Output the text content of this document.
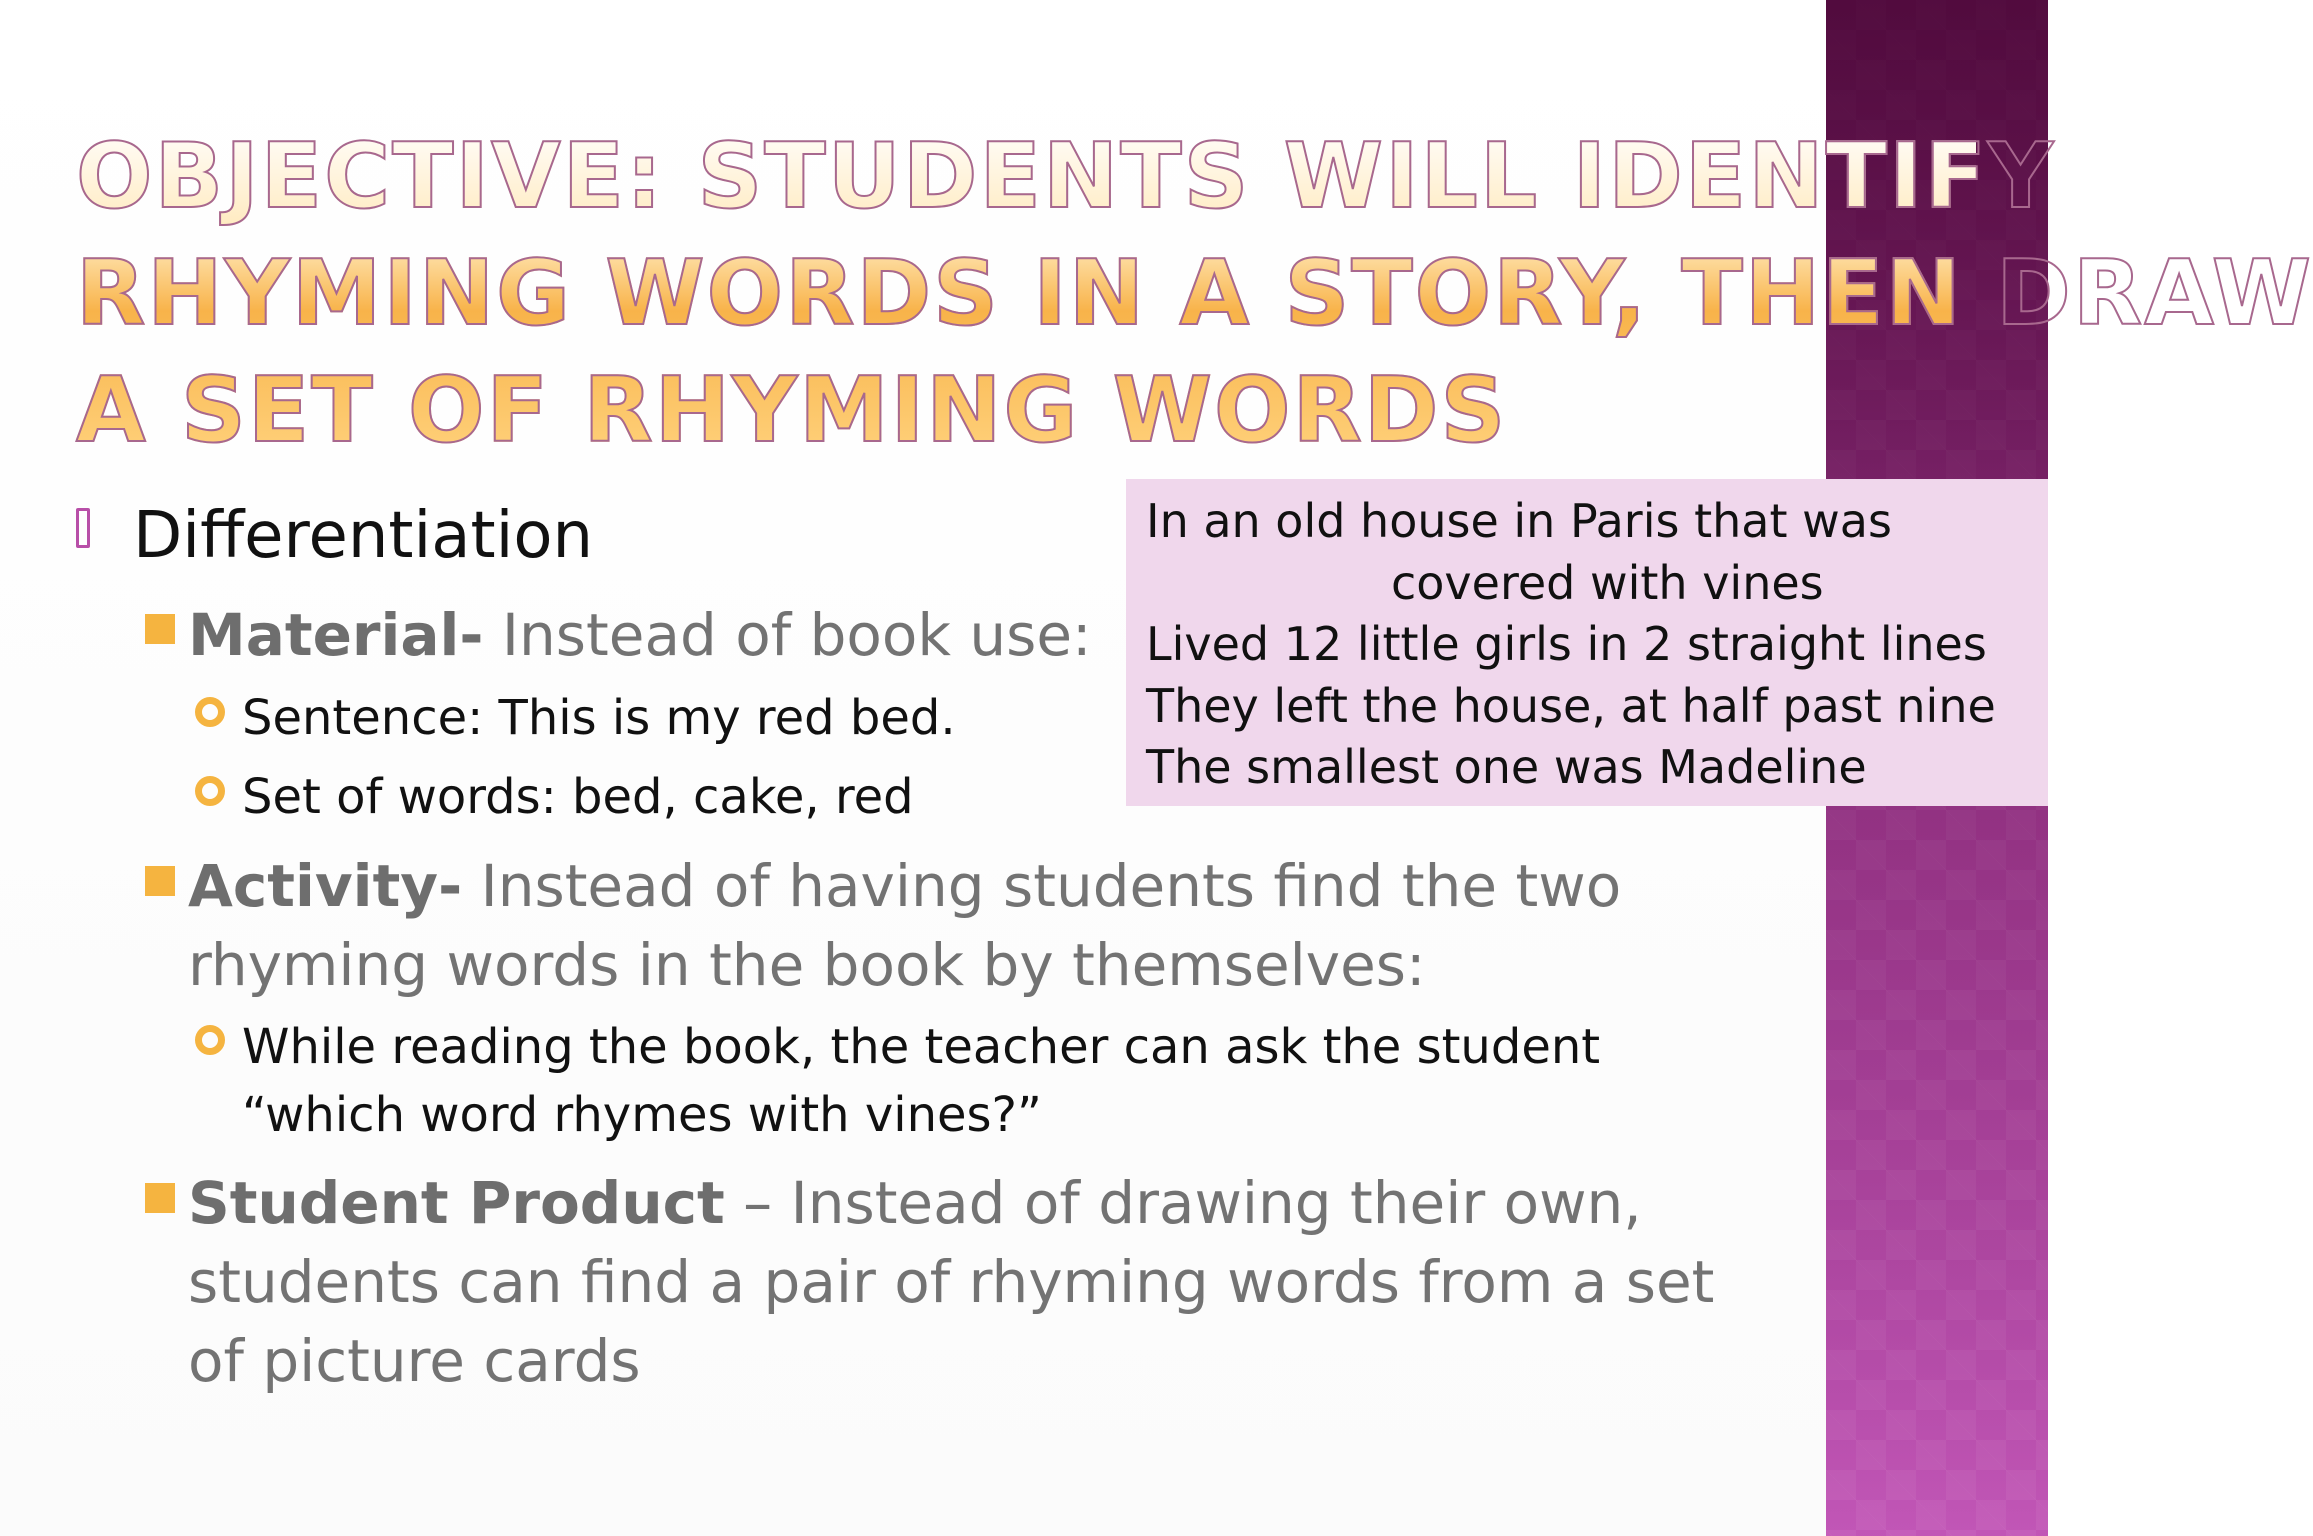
OBJECTIVE: STUDENTS WILL IDENTIFY
RHYMING WORDS IN A STORY, THEN DRAW
A SET OF RHYMING WORDS
Differentiation
Material- Instead of book use:
Sentence: This is my red bed.
Set of words: bed, cake, red
Activity- Instead of having students find the two
rhyming words in the book by themselves:
While reading the book, the teacher can ask the student
“which word rhymes with vines?”
Student Product – Instead of drawing their own,
students can find a pair of rhyming words from a set
of picture cards
In an old house in Paris that was
covered with vines
Lived 12 little girls in 2 straight lines
They left the house, at half past nine
The smallest one was Madeline
